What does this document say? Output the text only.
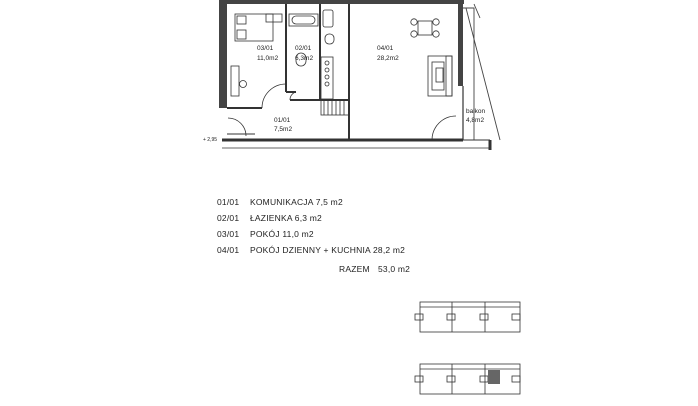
03/01
11,0m2
02/01
6,3m2
04/01
28,2m2
01/01
7,5m2
balkon
4,8m2
+ 2,95
01/01 KOMUNIKACJA 7,5 m2
02/01 ŁAZIENKA 6,3 m2
03/01 POKÓJ 11,0 m2
04/01 POKÓJ DZIENNY + KUCHNIA 28,2 m2
RAZEM 53,0 m2
